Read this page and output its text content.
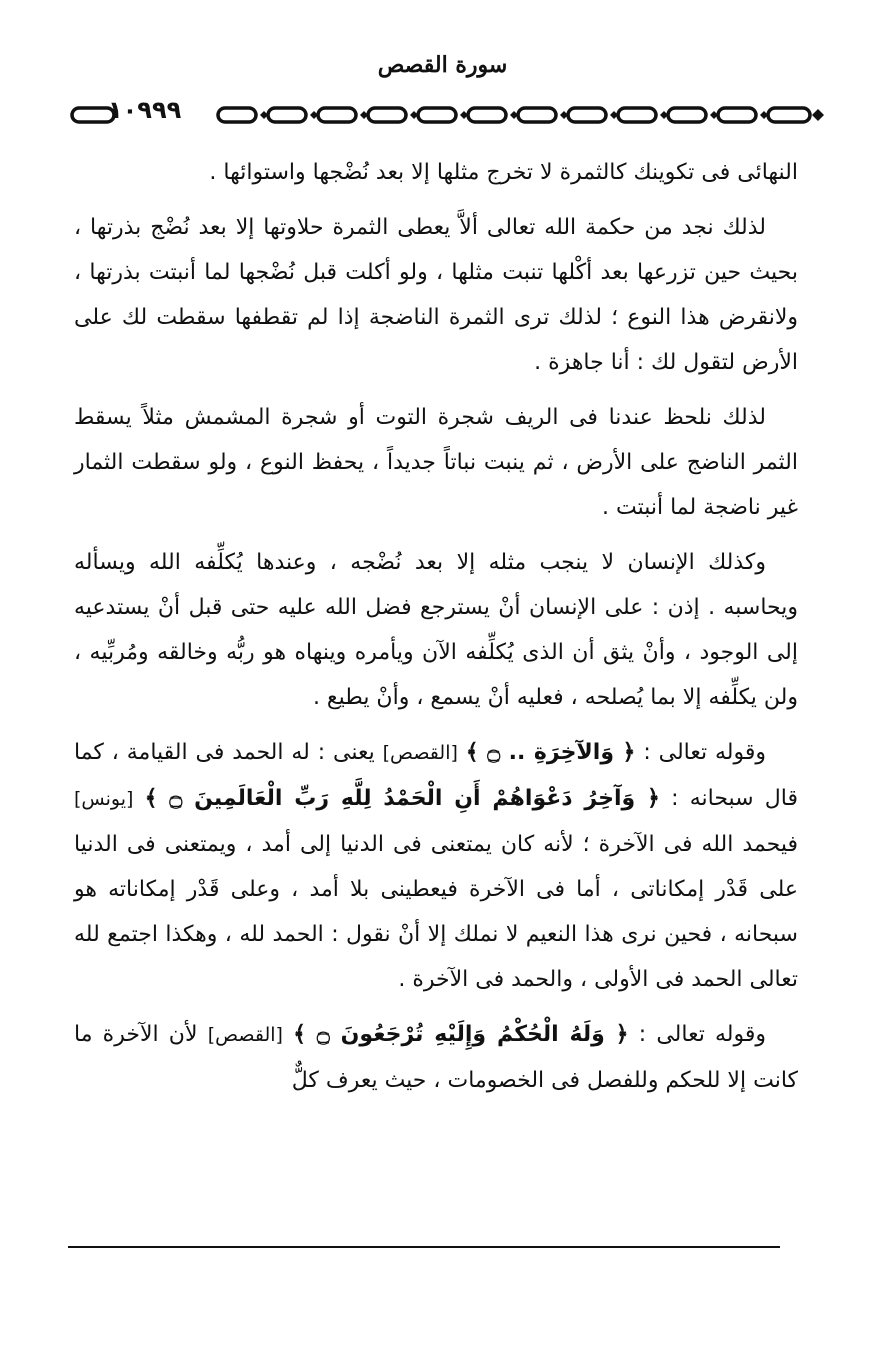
سورة القصص
١٠٩٩٩

النهائى فى تكوينك كالثمرة لا تخرج مثلها إلا بعد نُضْجها واستوائها .

لذلك نجد من حكمة الله تعالى ألاَّ يعطى الثمرة حلاوتها إلا بعد نُضْج بذرتها ، بحيث حين تزرعها بعد أكْلها تنبت مثلها ، ولو أكلت قبل نُضْجها لما أنبتت بذرتها ، ولانقرض هذا النوع ؛ لذلك ترى الثمرة الناضجة إذا لم تقطفها سقطت لك على الأرض لتقول لك : أنا جاهزة .

لذلك نلحظ عندنا فى الريف شجرة التوت أو شجرة المشمش مثلاً يسقط الثمر الناضج على الأرض ، ثم ينبت نباتاً جديداً ، يحفظ النوع ، ولو سقطت الثمار غير ناضجة لما أنبتت .

وكذلك الإنسان لا ينجب مثله إلا بعد نُضْجه ، وعندها يُكلِّفه الله ويسأله ويحاسبه . إذن : على الإنسان أنْ يسترجع فضل الله عليه حتى قبل أنْ يستدعيه إلى الوجود ، وأنْ يثق أن الذى يُكلِّفه الآن ويأمره وينهاه هو ربُّه وخالقه ومُربِّيه ، ولن يكلِّفه إلا بما يُصلحه ، فعليه أنْ يسمع ، وأنْ يطيع .

وقوله تعالى : ﴿ وَالآخِرَةِ .. ۝ ﴾ [القصص] يعنى : له الحمد فى القيامة ، كما قال سبحانه : ﴿ وَآخِرُ دَعْوَاهُمْ أَنِ الْحَمْدُ لِلَّهِ رَبِّ الْعَالَمِينَ ۝ ﴾ [يونس] فيحمد الله فى الآخرة ؛ لأنه كان يمتعنى فى الدنيا إلى أمد ، ويمتعنى فى الدنيا على قَدْر إمكاناتى ، أما فى الآخرة فيعطينى بلا أمد ، وعلى قَدْر إمكاناته هو سبحانه ، فحين نرى هذا النعيم لا نملك إلا أنْ نقول : الحمد لله ، وهكذا اجتمع لله تعالى الحمد فى الأولى ، والحمد فى الآخرة .

وقوله تعالى : ﴿ وَلَهُ الْحُكْمُ وَإِلَيْهِ تُرْجَعُونَ ۝ ﴾ [القصص] لأن الآخرة ما كانت إلا للحكم وللفصل فى الخصومات ، حيث يعرف كلٌّ
